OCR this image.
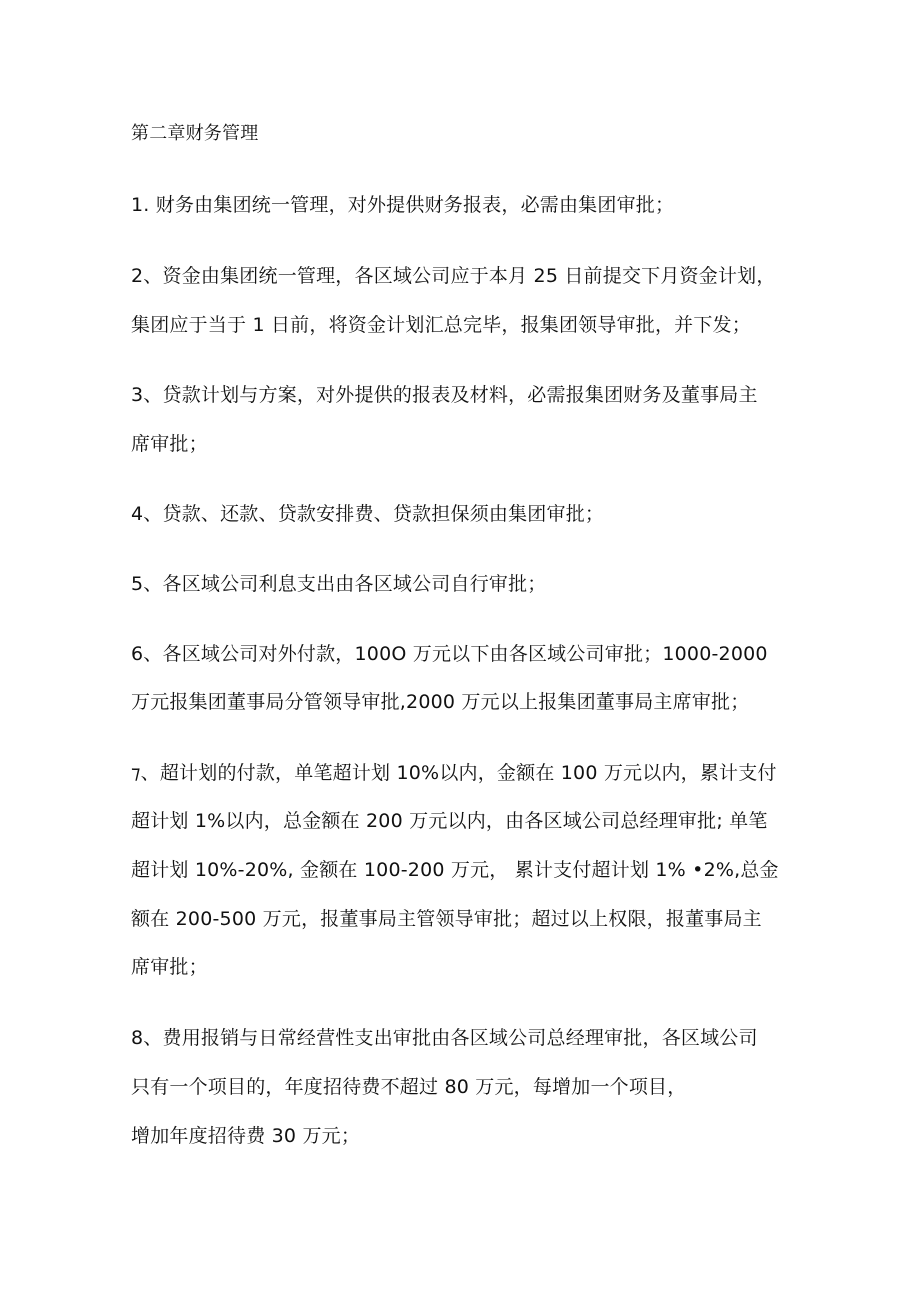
第二章财务管理
1. 财务由集团统一管理，对外提供财务报表，必需由集团审批；
2、资金由集团统一管理，各区域公司应于本月 25 日前提交下月资金计划，
集团应于当于 1 日前，将资金计划汇总完毕，报集团领导审批，并下发；
3、贷款计划与方案，对外提供的报表及材料，必需报集团财务及董事局主
席审批；
4、贷款、还款、贷款安排费、贷款担保须由集团审批；
5、各区域公司利息支出由各区域公司自行审批；
6、各区域公司对外付款，100O 万元以下由各区域公司审批；1000-2000
万元报集团董事局分管领导审批,2000 万元以上报集团董事局主席审批；
⁊、超计划的付款，单笔超计划 10%以内，金额在 100 万元以内，累计支付
超计划 1%以内，总金额在 200 万元以内，由各区域公司总经理审批; 单笔
超计划 10%-20%, 金额在 100-200 万元， 累计支付超计划 1% •2%,总金
额在 200-500 万元，报董事局主管领导审批；超过以上权限，报董事局主
席审批；
8、费用报销与日常经营性支出审批由各区域公司总经理审批，各区域公司
只有一个项目的，年度招待费不超过 80 万元，每增加一个项目，
增加年度招待费 30 万元；
